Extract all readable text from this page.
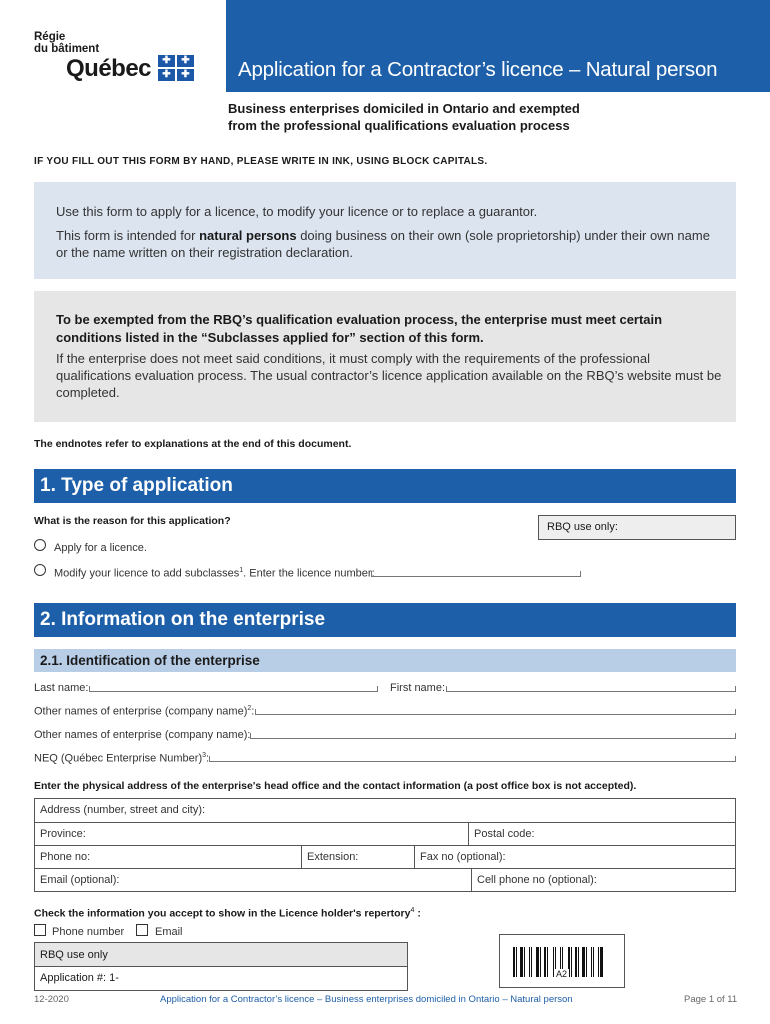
Régie
du bâtiment
Québec	✚	✚
✚	✚ Application for a Contractor’s licence – Natural person
Business enterprises domiciled in Ontario and exempted
from the professional qualifications evaluation process
IF YOU FILL OUT THIS FORM BY HAND, PLEASE WRITE IN INK, USING BLOCK CAPITALS.
Use this form to apply for a licence, to modify your licence or to replace a guarantor.
This form is intended for natural persons doing business on their own (sole proprietorship) under their own name or the name written on their registration declaration.
To be exempted from the RBQ’s qualification evaluation process, the enterprise must meet certain conditions listed in the “Subclasses applied for” section of this form.
If the enterprise does not meet said conditions, it must comply with the requirements of the professional qualifications evaluation process. The usual contractor’s licence application available on the RBQ’s website must be completed.
The endnotes refer to explanations at the end of this document.
1. Type of application
What is the reason for this application?	RBQ use only:
Apply for a licence.
Modify your licence to add subclasses$^1$. Enter the licence number:
2. Information on the enterprise
2.1. Identification of the enterprise
Last name:	First name:
Other names of enterprise (company name)$^2$:
Other names of enterprise (company name):
NEQ (Québec Enterprise Number)$^3$:
Enter the physical address of the enterprise's head office and the contact information (a post office box is not accepted).
Address (number, street and city):
Province:	Postal code:
Phone no:	Extension:	Fax no (optional):
Email (optional):	Cell phone no (optional):
Check the information you accept to show in the Licence holder's repertory$^4$ :
Phone number	Email
RBQ use only
Application #: 1-	A2
12-2020	Application for a Contractor’s licence – Business enterprises domiciled in Ontario – Natural person	Page 1 of 11
